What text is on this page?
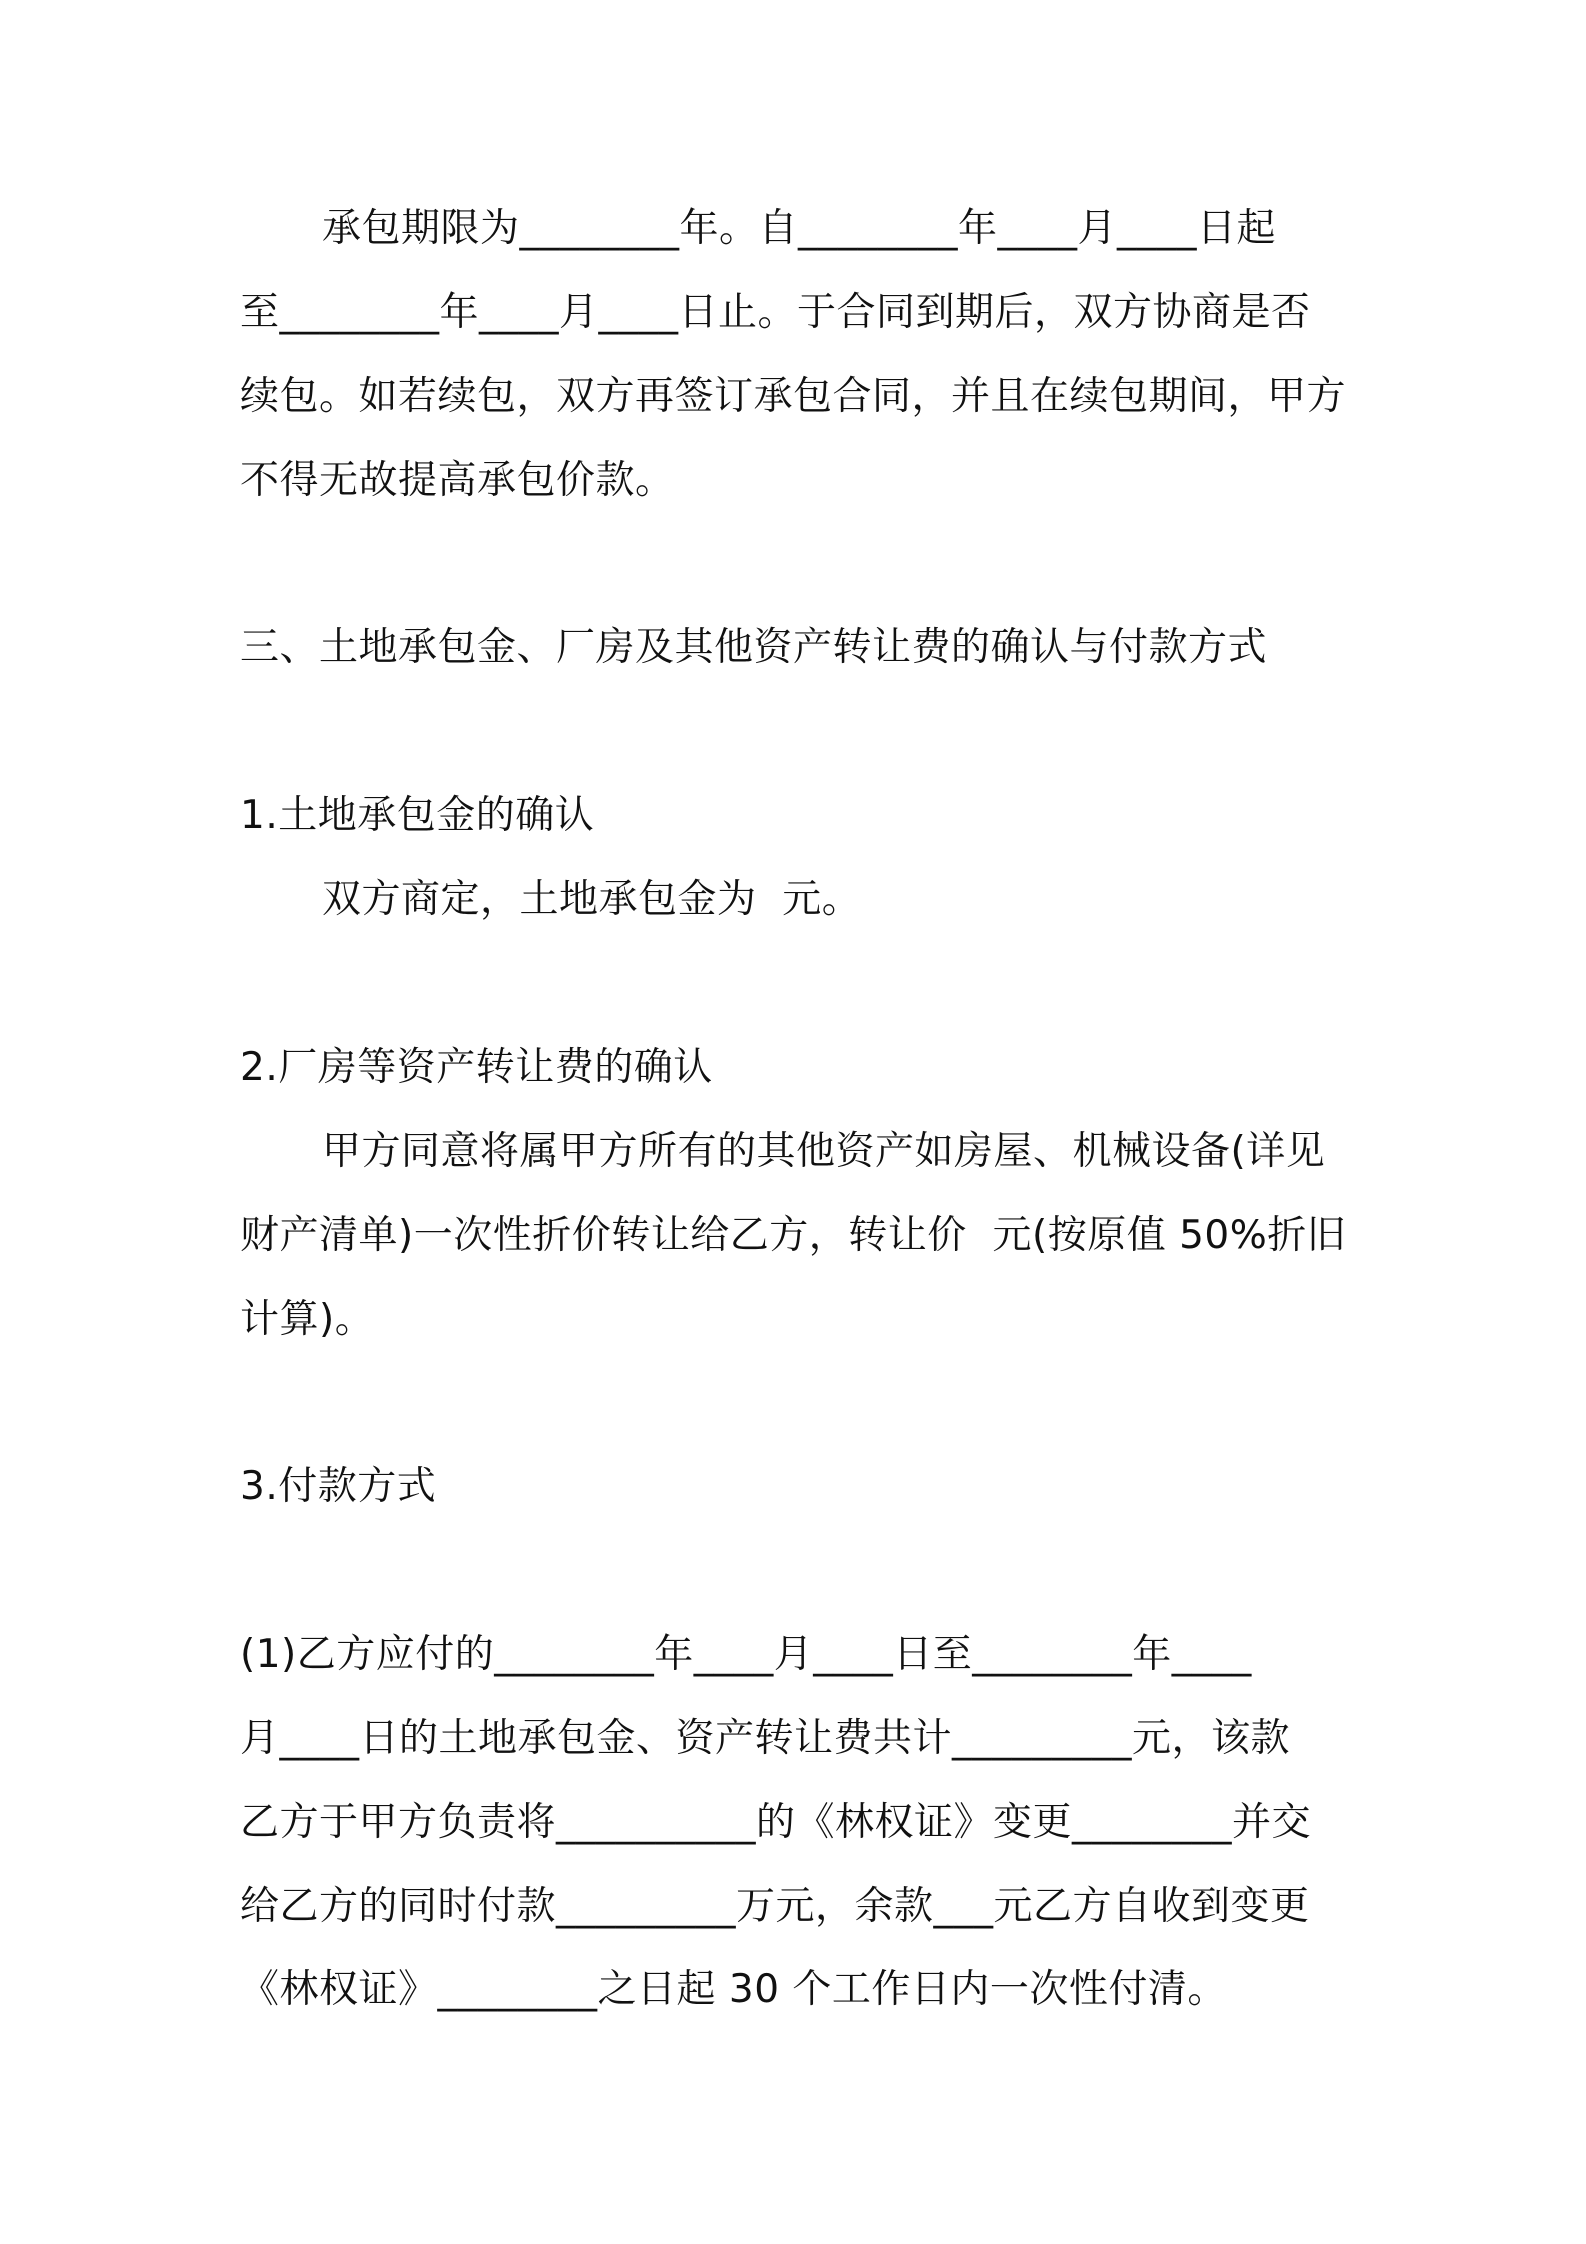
承包期限为________年。自________年____月____日起
至________年____月____日止。于合同到期后，双方协商是否
续包。如若续包，双方再签订承包合同，并且在续包期间，甲方
不得无故提高承包价款。
三、土地承包金、厂房及其他资产转让费的确认与付款方式
1.土地承包金的确认
双方商定，土地承包金为  元。
2.厂房等资产转让费的确认
甲方同意将属甲方所有的其他资产如房屋、机械设备(详见
财产清单)一次性折价转让给乙方，转让价  元(按原值 50%折旧
计算)。
3.付款方式
(1)乙方应付的________年____月____日至________年____
月____日的土地承包金、资产转让费共计_________元，该款
乙方于甲方负责将__________的《林权证》变更________并交
给乙方的同时付款_________万元，余款___元乙方自收到变更
《林权证》________之日起 30 个工作日内一次性付清。
